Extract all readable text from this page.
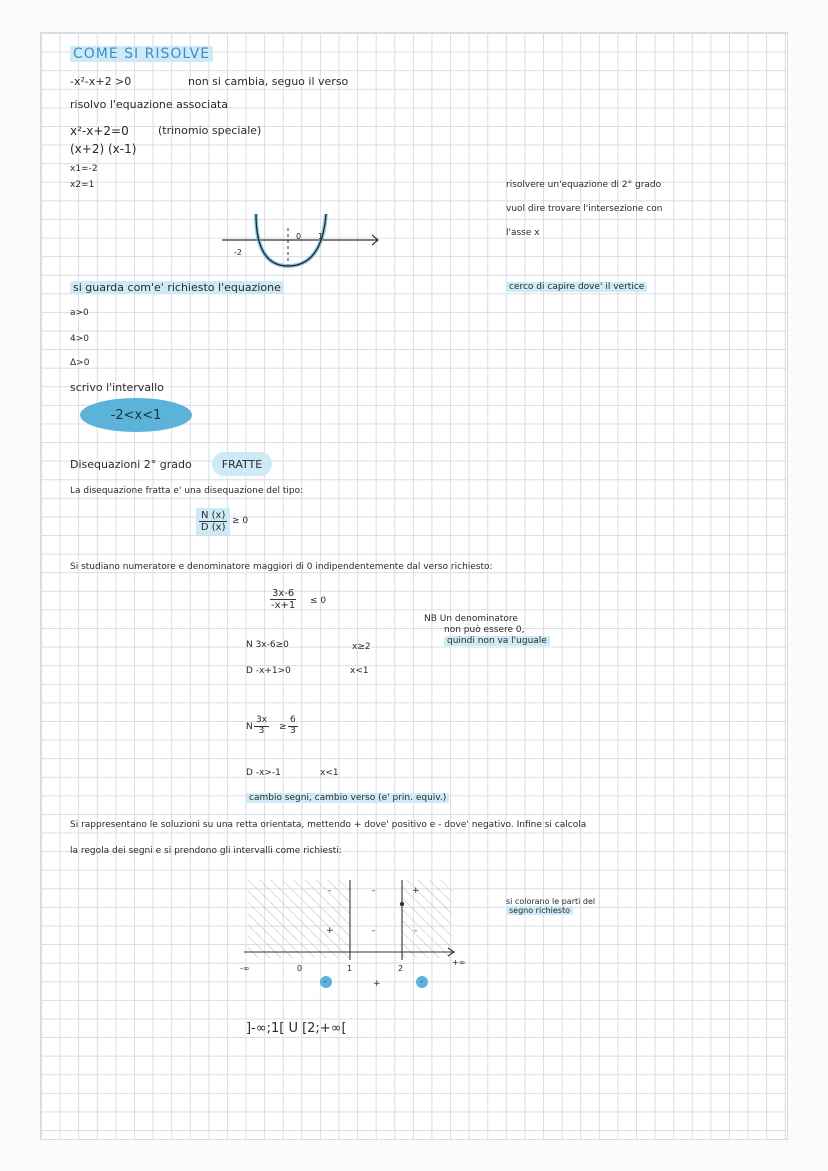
COME SI RISOLVE
-x²-x+2 >0	non si cambia, seguo il verso
risolvo l'equazione associata
x²-x+2=0	(trinomio speciale)
(x+2) (x-1)
x1=-2
x2=1	risolvere un'equazione di 2° grado
vuol dire trovare l'intersezione con
l'asse x
-2
0 1
si guarda com'e' richiesto l'equazione	cerco di capire dove' il vertice
a>0
4>0
Δ>0
scrivo l'intervallo
-2<x<1
Disequazioni 2° grado	FRATTE
La disequazione fratta e' una disequazione del tipo:
$\frac{N (x)}{D (x)} \ge 0$
Si studiano numeratore e denominatore maggiori di 0 indipendentemente dal verso richiesto:
$\frac{3x-6}{-x+1} \le 0$
NB Un denominatore
non può essere 0,
quindi non va l'uguale
N 3x-6≥0	x≥2
D -x+1>0	x<1
N $\frac{3x}{3} \ge \frac{6}{3}$
D -x>-1	x<1
cambio segni, cambio verso (e' prin. equiv.)
Si rappresentano le soluzioni su una retta orientata, mettendo + dove' positivo e - dove' negativo. Infine si calcola
la regola dei segni e si prendono gli intervalli come richiesti:
si colorano le parti del
segno richiesto
-∞	0	1	2
+∞
-	-	+
+	-	-
-	+	-
]-∞;1[ U [2;+∞[
